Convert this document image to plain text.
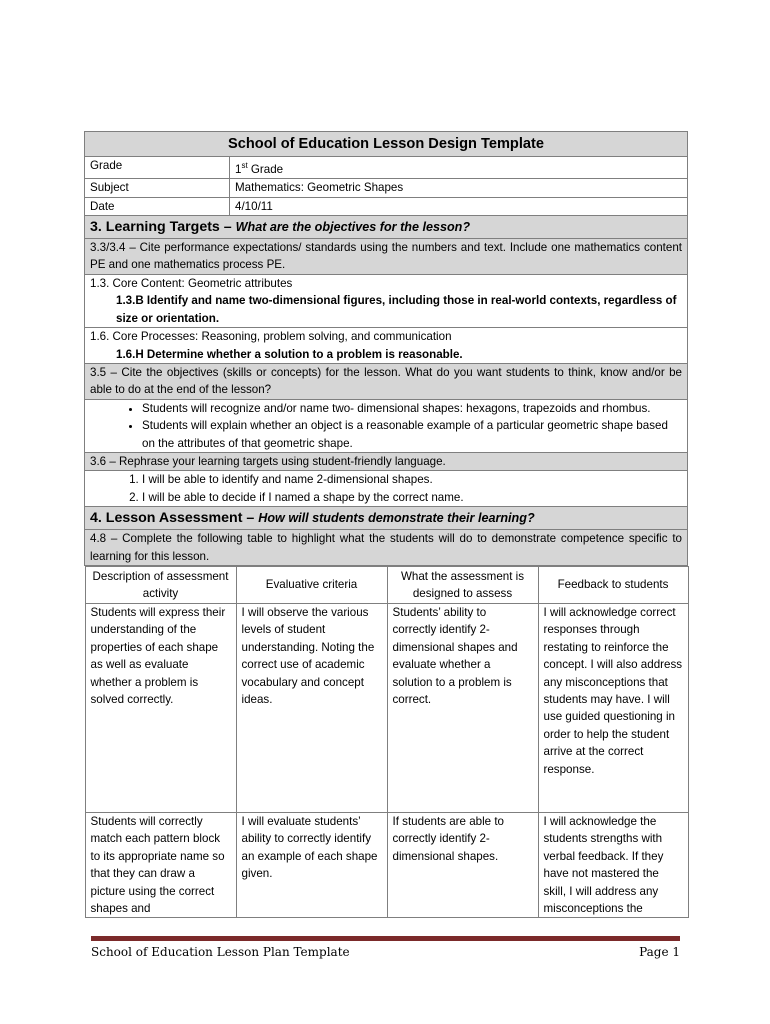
School of Education Lesson Design Template
Grade	1st Grade
Subject	Mathematics: Geometric Shapes
Date	4/10/11
3. Learning Targets – What are the objectives for the lesson?
3.3/3.4 – Cite performance expectations/ standards using the numbers and text. Include one mathematics content PE and one mathematics process PE.

1.3. Core Content: Geometric attributes
1.3.B Identify and name two-dimensional figures, including those in real-world contexts, regardless of size or orientation.

1.6. Core Processes: Reasoning, problem solving, and communication
1.6.H Determine whether a solution to a problem is reasonable.

3.5 – Cite the objectives (skills or concepts) for the lesson. What do you want students to think, know and/or be able to do at the end of the lesson?

• Students will recognize and/or name two- dimensional shapes: hexagons, trapezoids and rhombus.
• Students will explain whether an object is a reasonable example of a particular geometric shape based on the attributes of that geometric shape.

3.6 – Rephrase your learning targets using student-friendly language.

1. I will be able to identify and name 2-dimensional shapes.
2. I will be able to decide if I named a shape by the correct name.

4. Lesson Assessment – How will students demonstrate their learning?
4.8 – Complete the following table to highlight what the students will do to demonstrate competence specific to learning for this lesson.

Description of assessment activity	Evaluative criteria	What the assessment is designed to assess	Feedback to students
Students will express their understanding of the properties of each shape as well as evaluate whether a problem is solved correctly.	I will observe the various levels of student understanding. Noting the correct use of academic vocabulary and concept ideas.	Students’ ability to correctly identify 2-dimensional shapes and evaluate whether a solution to a problem is correct.	I will acknowledge correct responses through restating to reinforce the concept. I will also address any misconceptions that students may have. I will use guided questioning in order to help the student arrive at the correct response.
Students will correctly match each pattern block to its appropriate name so that they can draw a picture using the correct shapes and	I will evaluate students’ ability to correctly identify an example of each shape given.	If students are able to correctly identify 2-dimensional shapes.	I will acknowledge the students strengths with verbal feedback. If they have not mastered the skill, I will address any misconceptions the
School of Education Lesson Plan Template	Page 1
